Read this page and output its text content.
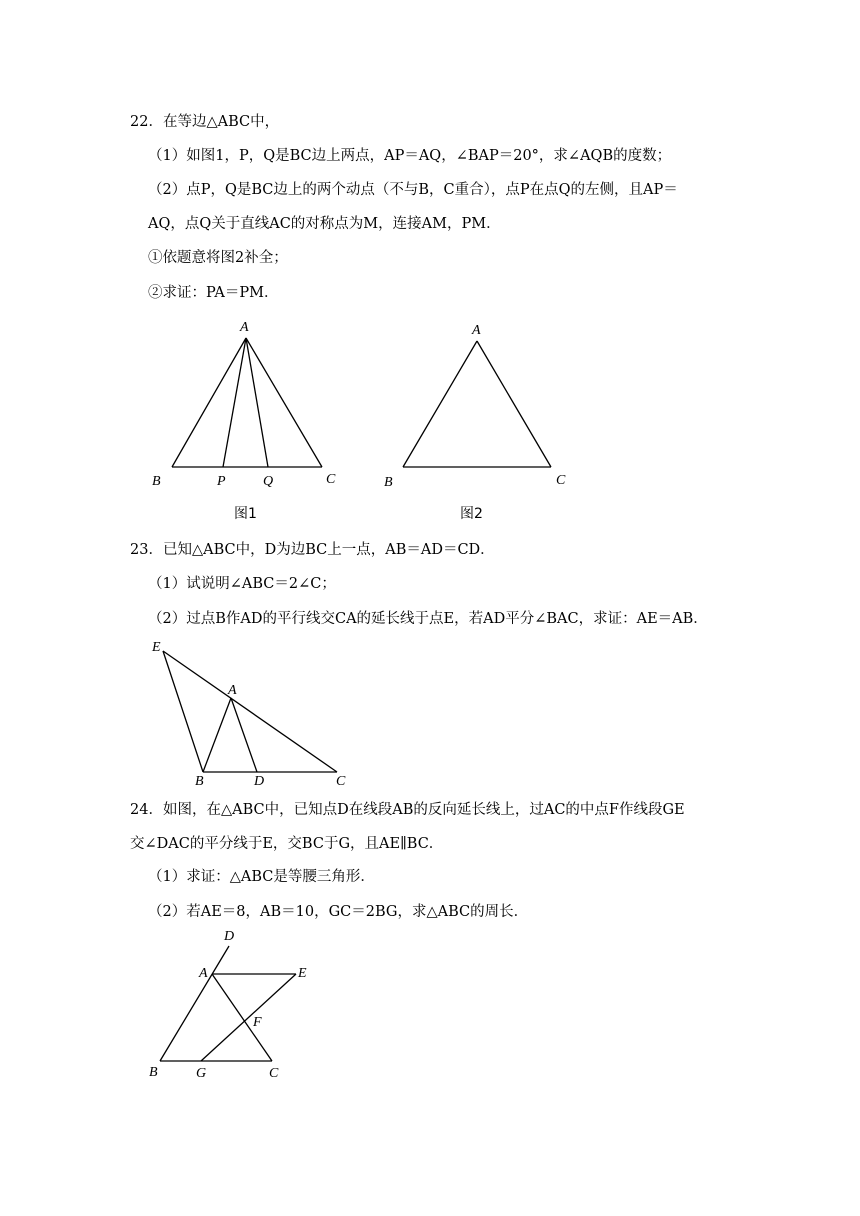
22．在等边△ABC中，
（1）如图1，P，Q是BC边上两点，AP＝AQ，∠BAP＝20°，求∠AQB的度数；
（2）点P，Q是BC边上的两个动点（不与B，C重合），点P在点Q的左侧，且AP＝
AQ，点Q关于直线AC的对称点为M，连接AM，PM．
①依题意将图2补全；
②求证：PA＝PM．
A
B	P	Q	C
图1
A
B	C
图2
23．已知△ABC中，D为边BC上一点，AB＝AD＝CD．
（1）试说明∠ABC＝2∠C；
（2）过点B作AD的平行线交CA的延长线于点E，若AD平分∠BAC，求证：AE＝AB．
E
A
B	D	C
24．如图，在△ABC中，已知点D在线段AB的反向延长线上，过AC的中点F作线段GE
交∠DAC的平分线于E，交BC于G，且AE∥BC．
（1）求证：△ABC是等腰三角形．
（2）若AE＝8，AB＝10，GC＝2BG，求△ABC的周长．
D
A	E
F
B	G	C
